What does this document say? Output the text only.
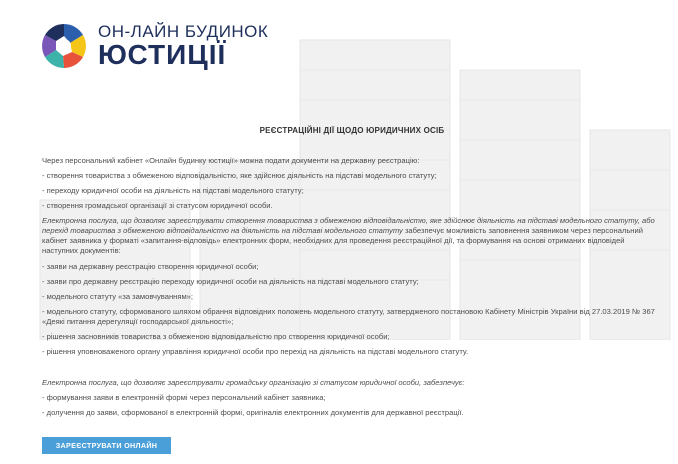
ОН-ЛАЙН БУДИНОК
ЮСТИЦІЇ
РЕЄСТРАЦІЙНІ ДІЇ ЩОДО ЮРИДИЧНИХ ОСІБ
Через персональний кабінет «Онлайн будинку юстиції» можна подати документи на державну реєстрацію:
- створення товариства з обмеженою відповідальністю, яке здійснює діяльність на підставі модельного статуту;
- переходу юридичної особи на діяльність на підставі модельного статуту;
- створення громадської організації зі статусом юридичної особи.
Електронна послуга, що дозволяє зареєструвати створення товариства з обмеженою відповідальністю, яке здійснює діяльність на підставі модельного статуту, або перехід товариства з обмеженою відповідальністю на діяльність на підставі модельного статуту забезпечує можливість заповнення заявником через персональний кабінет заявника у форматі «запитання-відповідь» електронних форм, необхідних для проведення реєстраційної дії, та формування на основі отриманих відповідей наступних документів:
- заяви на державну реєстрацію створення юридичної особи;
- заяви про державну реєстрацію переходу юридичної особи на діяльність на підставі модельного статуту;
- модельного статуту «за замовчуванням»;
- модельного статуту, сформованого шляхом обрання відповідних положень модельного статуту, затвердженого постановою Кабінету Міністрів України від 27.03.2019 № 367 «Деякі питання дерегуляції господарської діяльності»;
- рішення засновників товариства з обмеженою відповідальністю про створення юридичної особи;
- рішення уповноваженого органу управління юридичної особи про перехід на діяльність на підставі модельного статуту.
Електронна послуга, що дозволяє зареєструвати громадську організацію зі статусом юридичної особи, забезпечує:
- формування заяви в електронній формі через персональний кабінет заявника;
- долучення до заяви, сформованої в електронній формі, оригіналів електронних документів для державної реєстрації.
ЗАРЕЄСТРУВАТИ ОНЛАЙН
